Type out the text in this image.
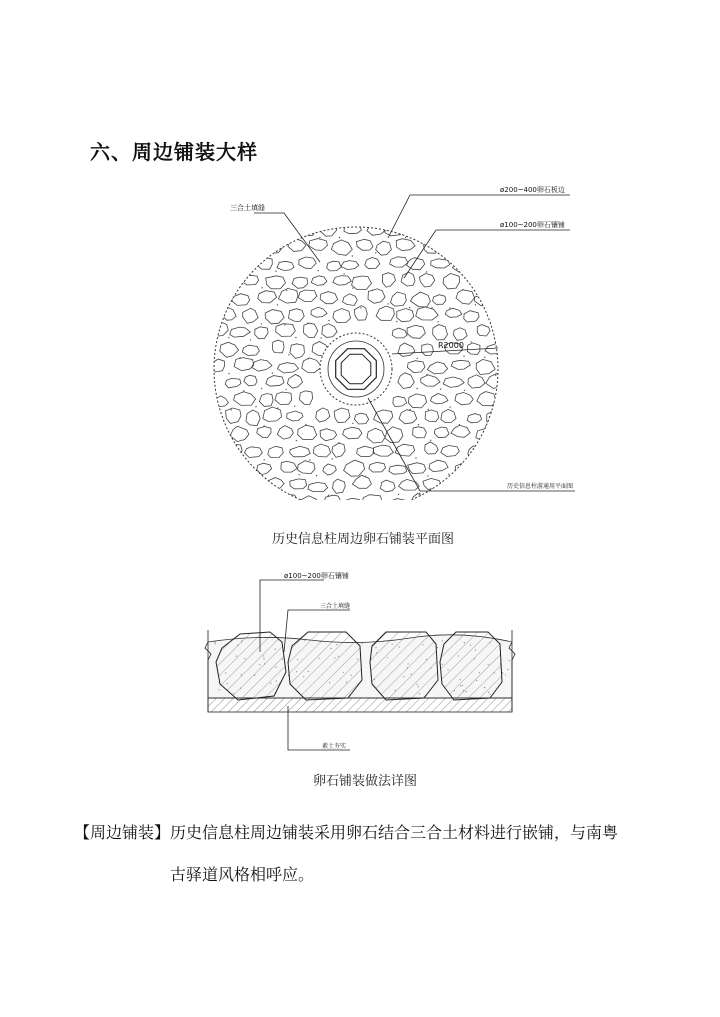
六、周边铺装大样
三合土填缝
ø200~400卵石板边
ø100~200卵石镶铺
R2000
历史信息柱游通用平面图
历史信息柱周边卵石铺装平面图
ø100~200卵石镶铺
三合土填缝
素土夯实
卵石铺装做法详图
【周边铺装】历史信息柱周边铺装采用卵石结合三合土材料进行嵌铺，与南粤
古驿道风格相呼应。
